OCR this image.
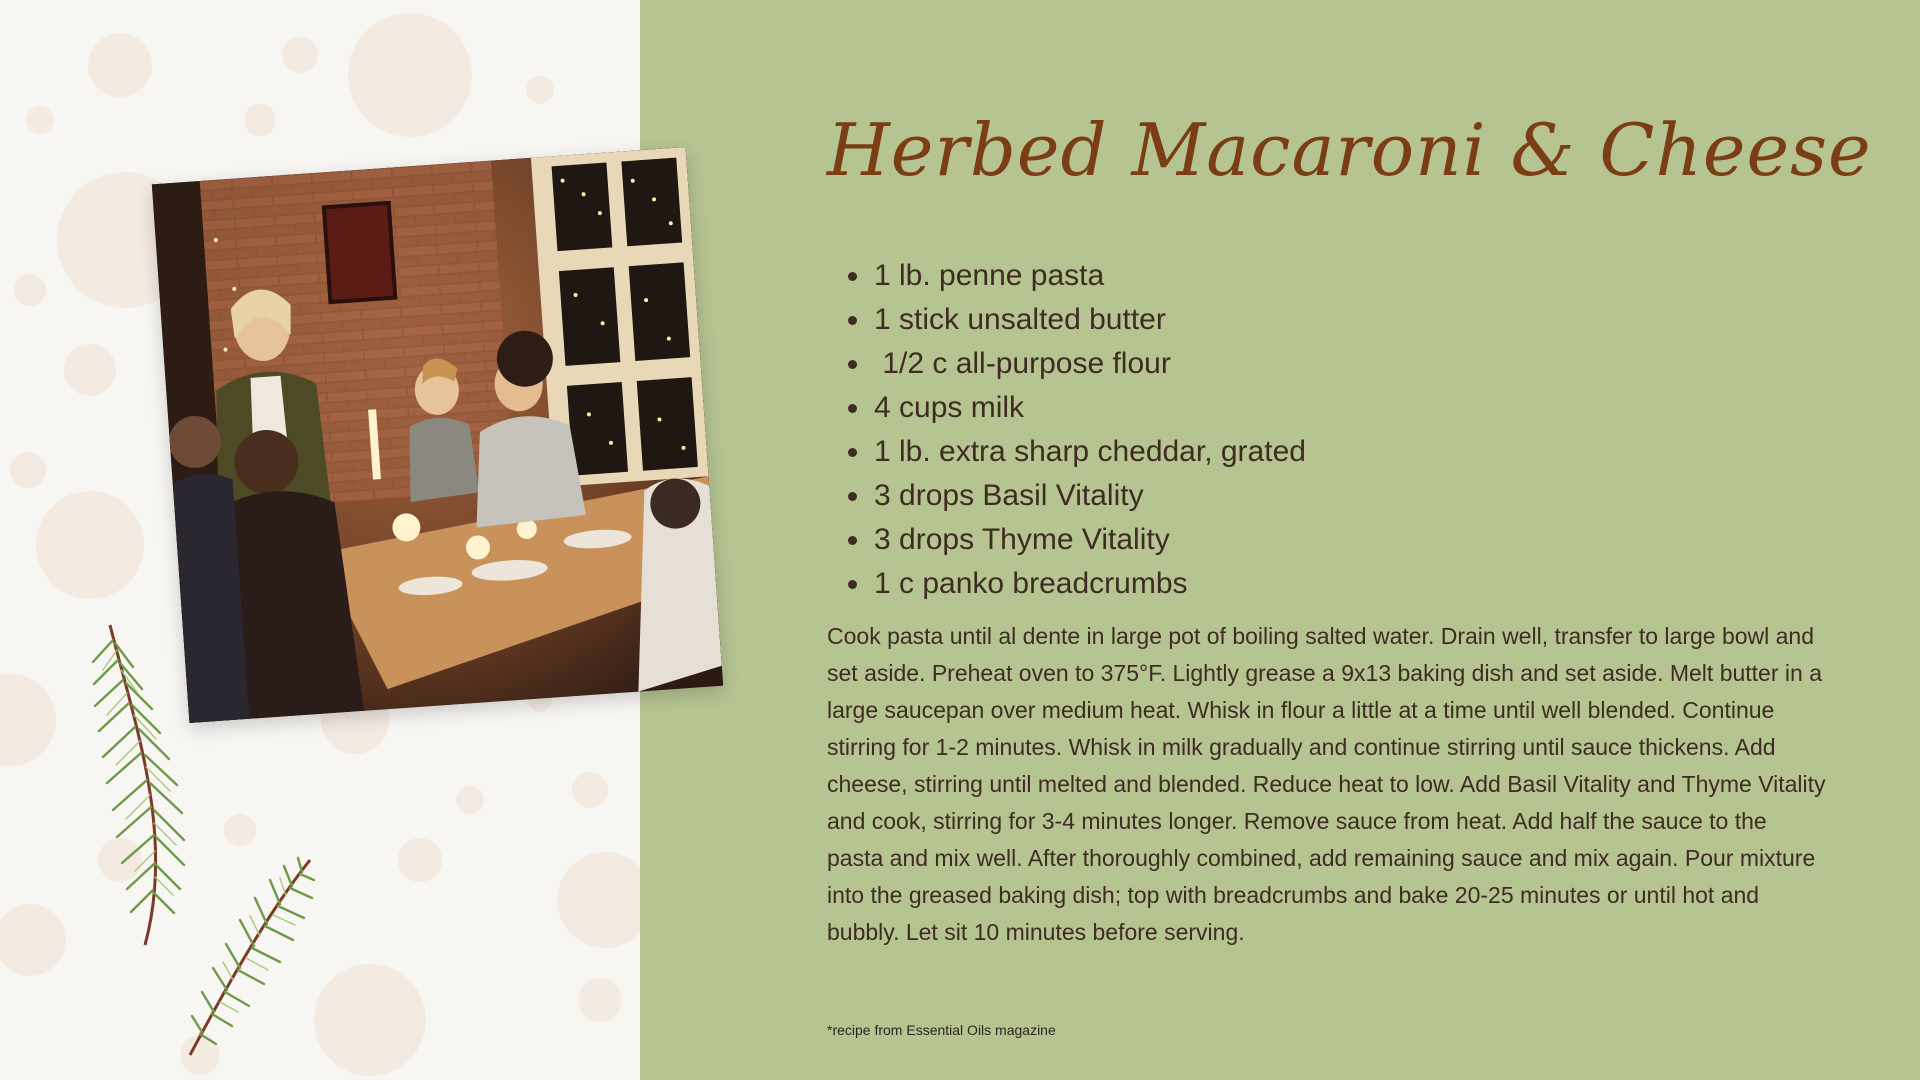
Herbed Macaroni & Cheese
• 1 lb. penne pasta
• 1 stick unsalted butter
•  1/2 c all-purpose flour
• 4 cups milk
• 1 lb. extra sharp cheddar, grated
• 3 drops Basil Vitality
• 3 drops Thyme Vitality
• 1 c panko breadcrumbs

Cook pasta until al dente in large pot of boiling salted water. Drain well, transfer to large bowl and set aside. Preheat oven to 375°F. Lightly grease a 9x13 baking dish and set aside. Melt butter in a large saucepan over medium heat. Whisk in flour a little at a time until well blended. Continue stirring for 1-2 minutes. Whisk in milk gradually and continue stirring until sauce thickens. Add cheese, stirring until melted and blended. Reduce heat to low. Add Basil Vitality and Thyme Vitality and cook, stirring for 3-4 minutes longer. Remove sauce from heat. Add half the sauce to the pasta and mix well. After thoroughly combined, add remaining sauce and mix again. Pour mixture into the greased baking dish; top with breadcrumbs and bake 20-25 minutes or until hot and bubbly. Let sit 10 minutes before serving.

*recipe from Essential Oils magazine
